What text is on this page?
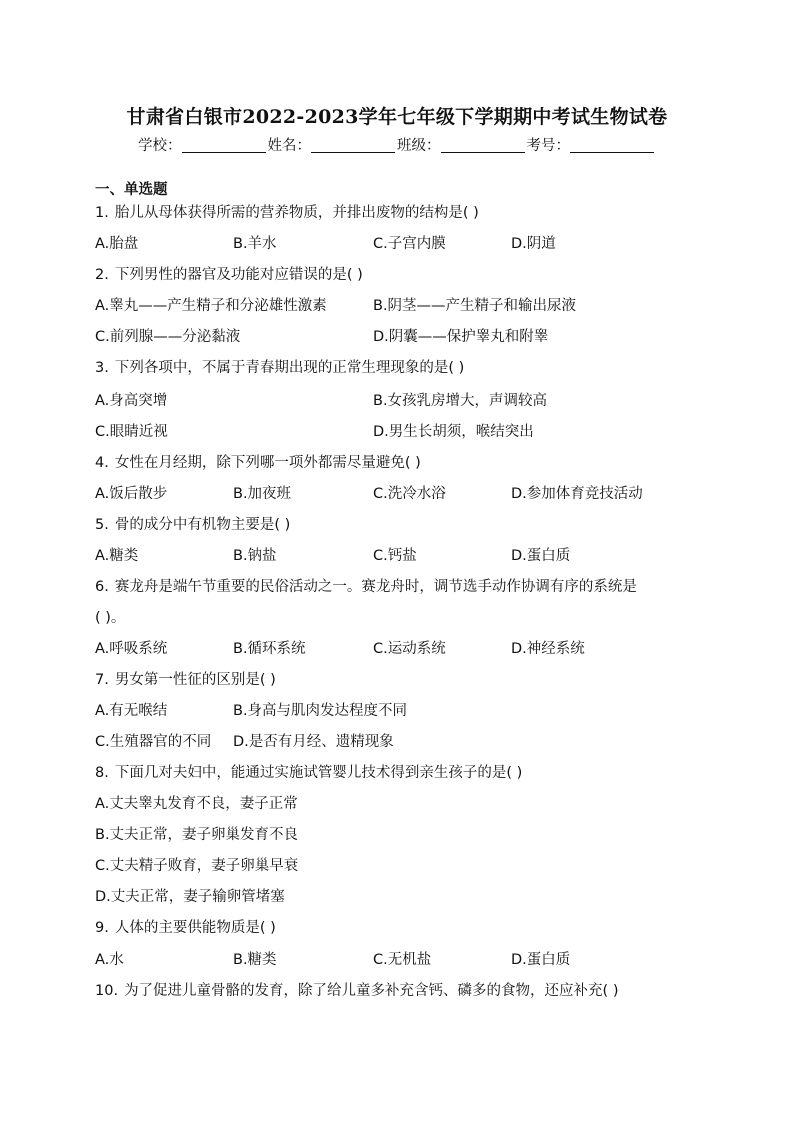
甘肃省白银市2022-2023学年七年级下学期期中考试生物试卷
学校：	姓名：	班级：	考号：
一、单选题
1. 胎儿从母体获得所需的营养物质，并排出废物的结构是( )
A.胎盘	B.羊水	C.子宫内膜	D.阴道
2. 下列男性的器官及功能对应错误的是( )
A.睾丸——产生精子和分泌雄性激素	B.阴茎——产生精子和输出尿液
C.前列腺——分泌黏液	D.阴囊——保护睾丸和附睾
3. 下列各项中，不属于青春期出现的正常生理现象的是( )
A.身高突增	B.女孩乳房增大，声调较高
C.眼睛近视	D.男生长胡须，喉结突出
4. 女性在月经期，除下列哪一项外都需尽量避免( )
A.饭后散步	B.加夜班	C.洗冷水浴	D.参加体育竞技活动
5. 骨的成分中有机物主要是( )
A.糖类	B.钠盐	C.钙盐	D.蛋白质
6. 赛龙舟是端午节重要的民俗活动之一。赛龙舟时，调节选手动作协调有序的系统是
( )。
A.呼吸系统	B.循环系统	C.运动系统	D.神经系统
7. 男女第一性征的区别是( )
A.有无喉结	B.身高与肌肉发达程度不同
C.生殖器官的不同 D.是否有月经、遗精现象
8. 下面几对夫妇中，能通过实施试管婴儿技术得到亲生孩子的是( )
A.丈夫睾丸发育不良，妻子正常
B.丈夫正常，妻子卵巢发育不良
C.丈夫精子败育，妻子卵巢早衰
D.丈夫正常，妻子输卵管堵塞
9. 人体的主要供能物质是( )
A.水	B.糖类	C.无机盐	D.蛋白质
10. 为了促进儿童骨骼的发育，除了给儿童多补充含钙、磷多的食物，还应补充( )
